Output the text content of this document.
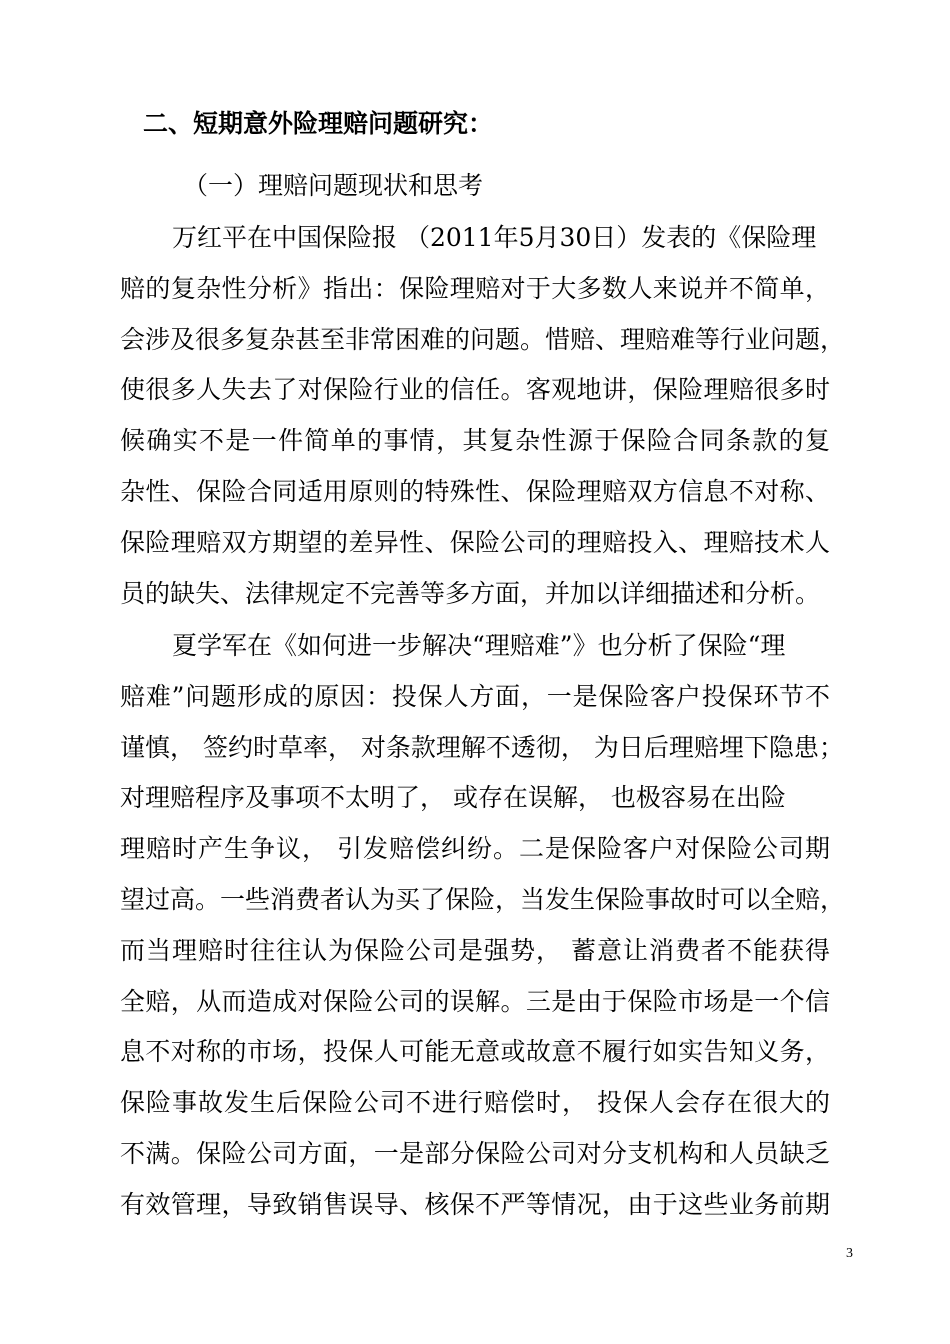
二、短期意外险理赔问题研究：
（一）理赔问题现状和思考
万红平在中国保险报 （2011年5月30日）发表的《保险理
赔的复杂性分析》指出：保险理赔对于大多数人来说并不简单，
会涉及很多复杂甚至非常困难的问题。惜赔、理赔难等行业问题，
使很多人失去了对保险行业的信任。客观地讲，保险理赔很多时
候确实不是一件简单的事情，其复杂性源于保险合同条款的复
杂性、保险合同适用原则的特殊性、保险理赔双方信息不对称、
保险理赔双方期望的差异性、保险公司的理赔投入、理赔技术人
员的缺失、法律规定不完善等多方面，并加以详细描述和分析。
夏学军在《如何进一步解决“理赔难”》也分析了保险“理
赔难”问题形成的原因：投保人方面，一是保险客户投保环节不
谨慎， 签约时草率， 对条款理解不透彻， 为日后理赔埋下隐患；
对理赔程序及事项不太明了， 或存在误解， 也极容易在出险
理赔时产生争议， 引发赔偿纠纷。二是保险客户对保险公司期
望过高。一些消费者认为买了保险，当发生保险事故时可以全赔，
而当理赔时往往认为保险公司是强势， 蓄意让消费者不能获得
全赔，从而造成对保险公司的误解。三是由于保险市场是一个信
息不对称的市场，投保人可能无意或故意不履行如实告知义务，
保险事故发生后保险公司不进行赔偿时， 投保人会存在很大的
不满。保险公司方面，一是部分保险公司对分支机构和人员缺乏
有效管理，导致销售误导、核保不严等情况，由于这些业务前期
3
